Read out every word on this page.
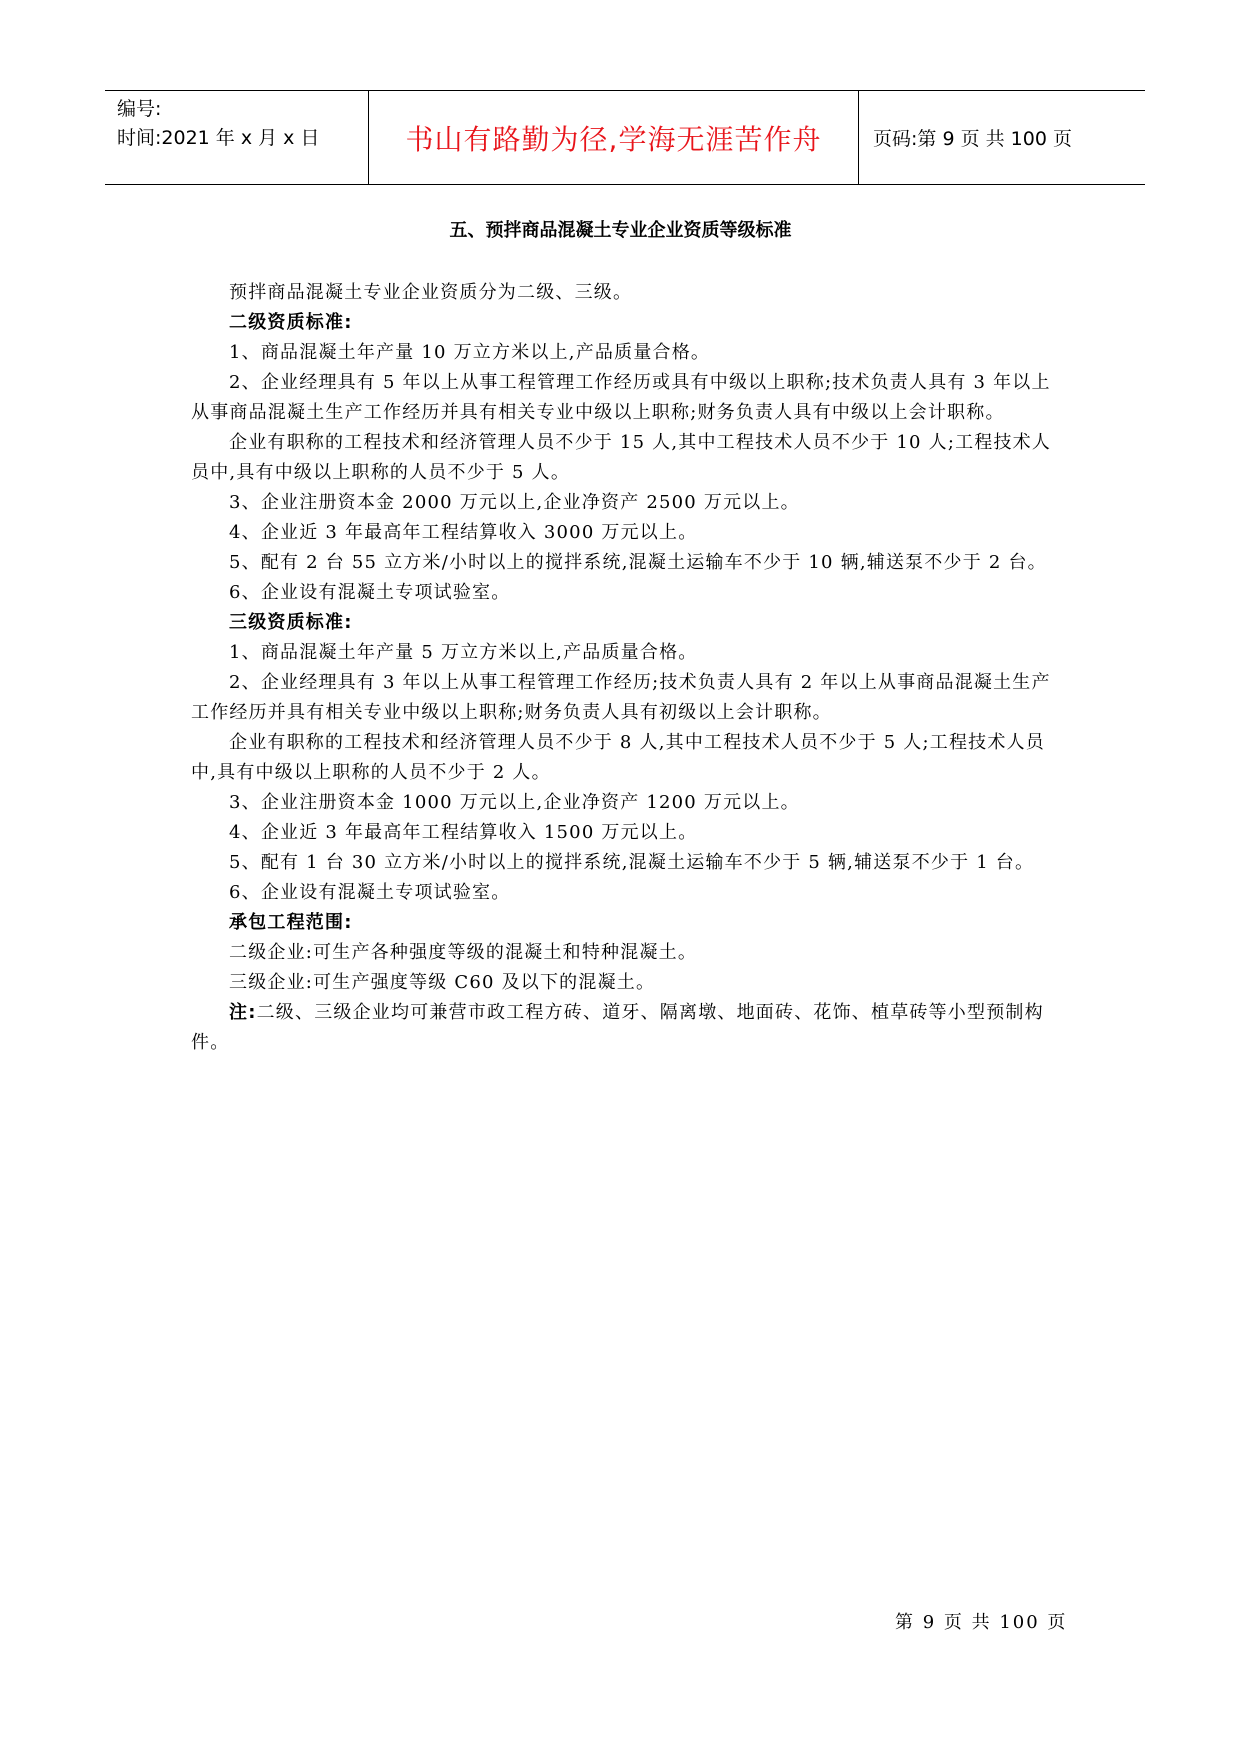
编号:
时间:2021 年 x 月 x 日	书山有路勤为径,学海无涯苦作舟	页码:第 9 页 共 100 页
五、预拌商品混凝土专业企业资质等级标准

预拌商品混凝土专业企业资质分为二级、三级。

二级资质标准:

1、商品混凝土年产量 10 万立方米以上,产品质量合格。

2、企业经理具有 5 年以上从事工程管理工作经历或具有中级以上职称;技术负责人具有 3 年以上从事商品混凝土生产工作经历并具有相关专业中级以上职称;财务负责人具有中级以上会计职称。

企业有职称的工程技术和经济管理人员不少于 15 人,其中工程技术人员不少于 10 人;工程技术人员中,具有中级以上职称的人员不少于 5 人。

3、企业注册资本金 2000 万元以上,企业净资产 2500 万元以上。

4、企业近 3 年最高年工程结算收入 3000 万元以上。

5、配有 2 台 55 立方米/小时以上的搅拌系统,混凝土运输车不少于 10 辆,辅送泵不少于 2 台。

6、企业设有混凝土专项试验室。

三级资质标准:

1、商品混凝土年产量 5 万立方米以上,产品质量合格。

2、企业经理具有 3 年以上从事工程管理工作经历;技术负责人具有 2 年以上从事商品混凝土生产工作经历并具有相关专业中级以上职称;财务负责人具有初级以上会计职称。

企业有职称的工程技术和经济管理人员不少于 8 人,其中工程技术人员不少于 5 人;工程技术人员中,具有中级以上职称的人员不少于 2 人。

3、企业注册资本金 1000 万元以上,企业净资产 1200 万元以上。

4、企业近 3 年最高年工程结算收入 1500 万元以上。

5、配有 1 台 30 立方米/小时以上的搅拌系统,混凝土运输车不少于 5 辆,辅送泵不少于 1 台。

6、企业设有混凝土专项试验室。

承包工程范围:

二级企业:可生产各种强度等级的混凝土和特种混凝土。

三级企业:可生产强度等级 C60 及以下的混凝土。

注:二级、三级企业均可兼营市政工程方砖、道牙、隔离墩、地面砖、花饰、植草砖等小型预制构件。

第 9 页 共 100 页
